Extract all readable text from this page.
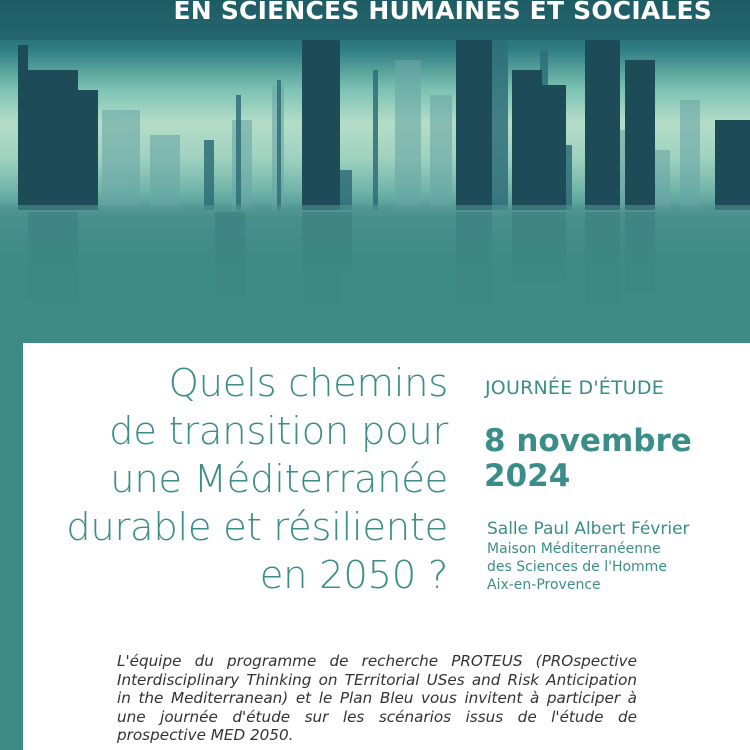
EN SCIENCES HUMAINES ET SOCIALES
Quels chemins
de transition pour
une Méditerranée
durable et résiliente
en 2050 ?

JOURNÉE D'ÉTUDE

8 novembre
2024

Salle Paul Albert Février

Maison Méditerranéenne
des Sciences de l'Homme
Aix-en-Provence

L'équipe du programme de recherche PROTEUS (PROspective Interdisciplinary Thinking on TErritorial USes and Risk Anticipation in the Mediterranean) et le Plan Bleu vous invitent à participer à une journée d'étude sur les scénarios issus de l'étude de prospective MED 2050.
